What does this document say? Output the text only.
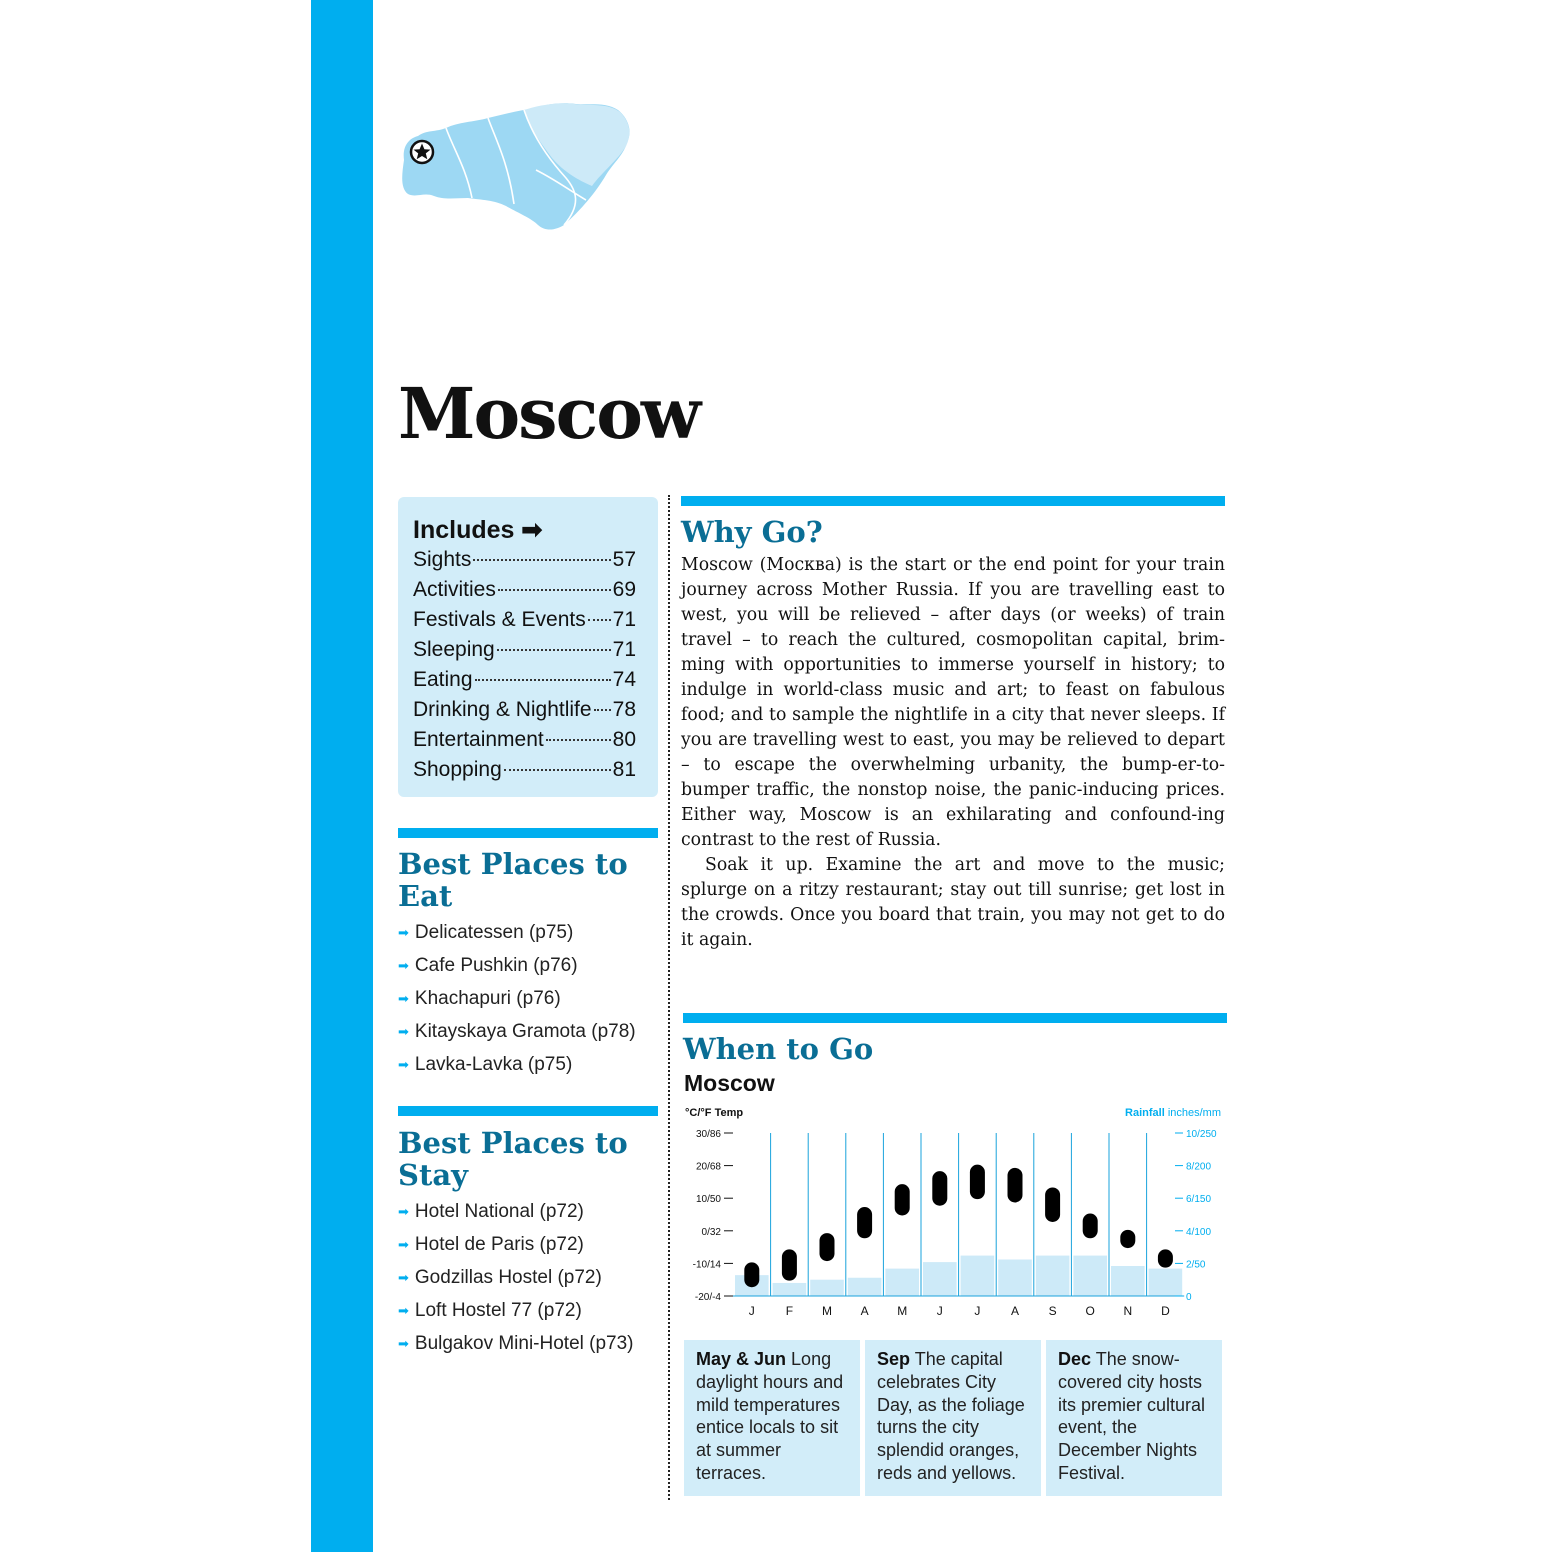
Moscow
Includes ➡
Sights	57
Activities	69
Festivals & Events 71
Sleeping	71
Eating	74
Drinking & Nightlife 78
Entertainment	80
Shopping	81
Best Places to
Eat
➡ Delicatessen (p75)
➡ Cafe Pushkin (p76)
➡ Khachapuri (p76)
➡ Kitayskaya Gramota (p78)
➡ Lavka-Lavka (p75)
Best Places to
Stay
➡ Hotel National (p72)
➡ Hotel de Paris (p72)
➡ Godzillas Hostel (p72)
➡ Loft Hostel 77 (p72)
➡ Bulgakov Mini-Hotel (p73)
Why Go?

Moscow (Москва) is the start or the end point for your train journey across Mother Russia. If you are travelling east to west, you will be relieved – after days (or weeks) of train travel – to reach the cultured, cosmopolitan capital, brim-ming with opportunities to immerse yourself in history; to indulge in world-class music and art; to feast on fabulous food; and to sample the nightlife in a city that never sleeps. If you are travelling west to east, you may be relieved to depart – to escape the overwhelming urbanity, the bump-er-to-bumper traffic, the nonstop noise, the panic-inducing prices. Either way, Moscow is an exhilarating and confound-ing contrast to the rest of Russia.

Soak it up. Examine the art and move to the music; splurge on a ritzy restaurant; stay out till sunrise; get lost in the crowds. Once you board that train, you may not get to do it again.

When to Go
Moscow
°C/°F Temp	Rainfall inches/mm
30/86
20/68
10/50
0/32
-10/14
-20/-4
10/250
8/200
6/150
4/100
2/50
0
J	F M A M J	J	A S O N D
May & Jun Long daylight hours and mild temperatures entice locals to sit at summer terraces.
Sep The capital celebrates City Day, as the foliage turns the city splendid oranges, reds and yellows.
Dec The snow-covered city hosts its premier cultural event, the December Nights Festival.
